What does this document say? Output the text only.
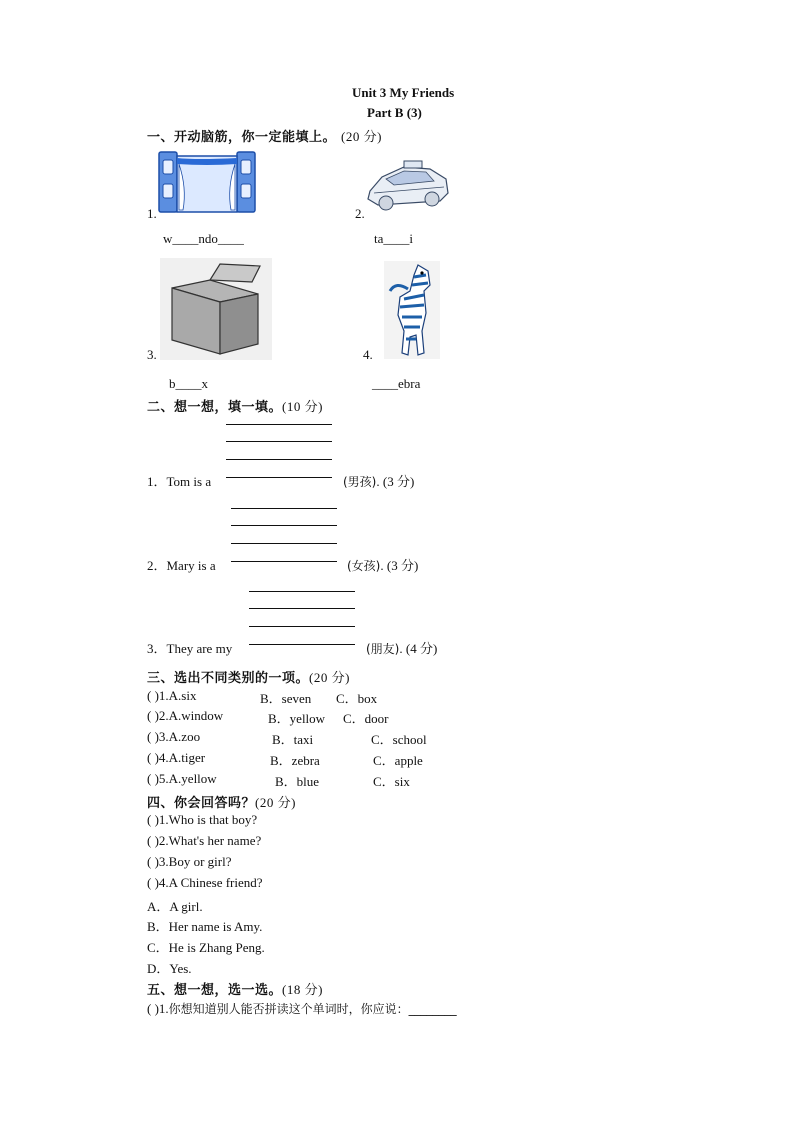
Unit 3 My Friends
Part B (3)
一、开动脑筋，你一定能填上。 (20 分)
1.
w____ndo____
2.
ta____i
3.
b____x
4.
____ebra
二、想一想，填一填。(10 分)
1．Tom is a	(男孩). (3 分)
2．Mary is a	(女孩). (3 分)
3．They are my	(朋友). (4 分)
三、选出不同类别的一项。(20 分)
( )1.A.six	B．seven C．box
( )2.A.window	B．yellow C．door
( )3.A.zoo	B．taxi	C．school
( )4.A.tiger	B．zebra	C．apple
( )5.A.yellow	B．blue	C．six
四、你会回答吗？(20 分)
( )1.Who is that boy?
( )2.What's her name?
( )3.Boy or girl?
( )4.A Chinese friend?
A．A girl.
B．Her name is Amy.
C．He is Zhang Peng.
D．Yes.
五、想一想，选一选。(18 分)
( )1.你想知道别人能否拼读这个单词时，你应说：________
